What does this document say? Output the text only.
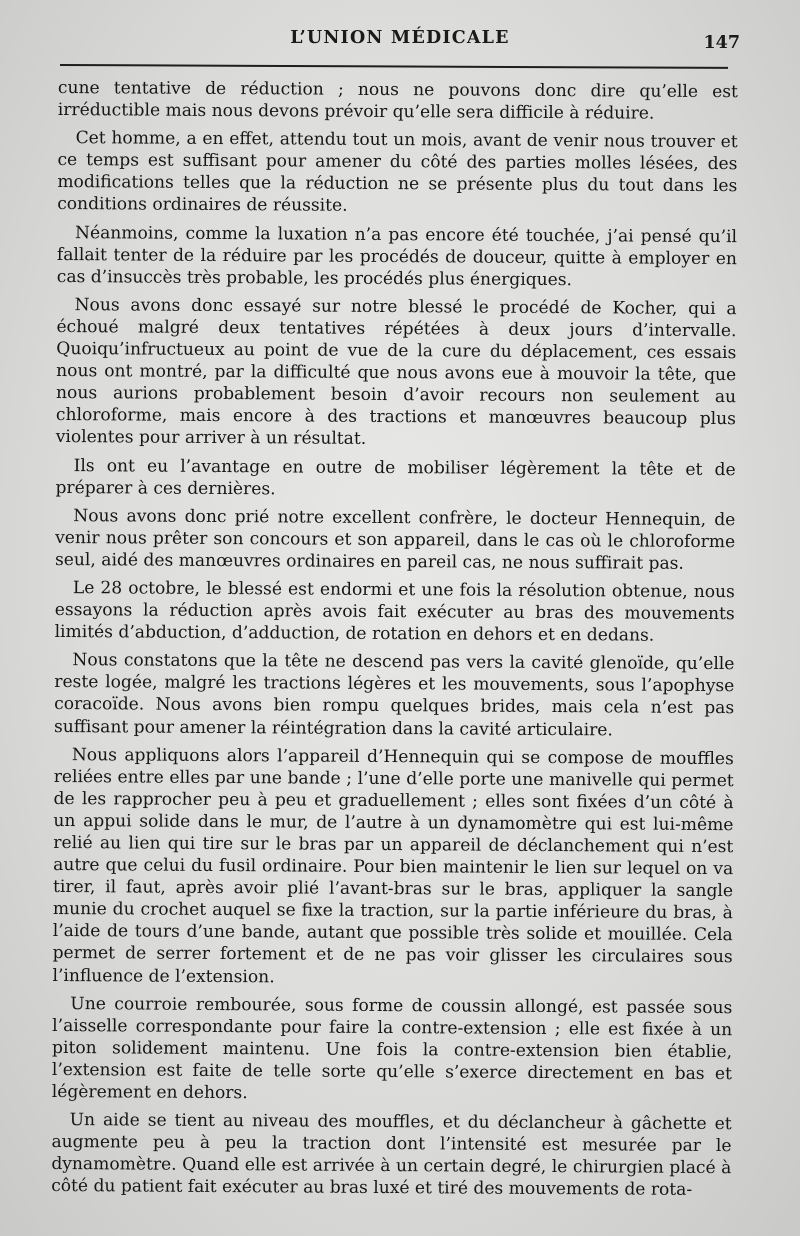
L’UNION MÉDICALE	147

cune tentative de réduction ; nous ne pouvons donc dire qu’elle est irréductible mais nous devons prévoir qu’elle sera difficile à réduire.

Cet homme, a en effet, attendu tout un mois, avant de venir nous trouver et ce temps est suffisant pour amener du côté des parties molles lésées, des modifications telles que la réduction ne se présente plus du tout dans les conditions ordinaires de réussite.

Néanmoins, comme la luxation n’a pas encore été touchée, j’ai pensé qu’il fallait tenter de la réduire par les procédés de douceur, quitte à employer en cas d’insuccès très probable, les procédés plus énergiques.

Nous avons donc essayé sur notre blessé le procédé de Kocher, qui a échoué malgré deux tentatives répétées à deux jours d’intervalle. Quoiqu’infructueux au point de vue de la cure du déplacement, ces essais nous ont montré, par la difficulté que nous avons eue à mouvoir la tête, que nous aurions probablement besoin d’avoir recours non seulement au chloroforme, mais encore à des tractions et manœuvres beaucoup plus violentes pour arriver à un résultat.

Ils ont eu l’avantage en outre de mobiliser légèrement la tête et de préparer à ces dernières.

Nous avons donc prié notre excellent confrère, le docteur Hennequin, de venir nous prêter son concours et son appareil, dans le cas où le chloroforme seul, aidé des manœuvres ordinaires en pareil cas, ne nous suffirait pas.

Le 28 octobre, le blessé est endormi et une fois la résolution obtenue, nous essayons la réduction après avois fait exécuter au bras des mouvements limités d’abduction, d’adduction, de rotation en dehors et en dedans.

Nous constatons que la tête ne descend pas vers la cavité glenoïde, qu’elle reste logée, malgré les tractions légères et les mouvements, sous l’apophyse coracoïde. Nous avons bien rompu quelques brides, mais cela n’est pas suffisant pour amener la réintégration dans la cavité articulaire.

Nous appliquons alors l’appareil d’Hennequin qui se compose de mouffles reliées entre elles par une bande ; l’une d’elle porte une manivelle qui permet de les rapprocher peu à peu et graduellement ; elles sont fixées d’un côté à un appui solide dans le mur, de l’autre à un dynamomètre qui est lui-même relié au lien qui tire sur le bras par un appareil de déclanchement qui n’est autre que celui du fusil ordinaire. Pour bien maintenir le lien sur lequel on va tirer, il faut, après avoir plié l’avant-bras sur le bras, appliquer la sangle munie du crochet auquel se fixe la traction, sur la partie inférieure du bras, à l’aide de tours d’une bande, autant que possible très solide et mouillée. Cela permet de serrer fortement et de ne pas voir glisser les circulaires sous l’influence de l’extension.

Une courroie rembourée, sous forme de coussin allongé, est passée sous l’aisselle correspondante pour faire la contre-extension ; elle est fixée à un piton solidement maintenu. Une fois la contre-extension bien établie, l’extension est faite de telle sorte qu’elle s’exerce directement en bas et légèrement en dehors.

Un aide se tient au niveau des mouffles, et du déclancheur à gâchette et augmente peu à peu la traction dont l’intensité est mesurée par le dynamomètre. Quand elle est arrivée à un certain degré, le chirurgien placé à côté du patient fait exécuter au bras luxé et tiré des mouvements de rota-
